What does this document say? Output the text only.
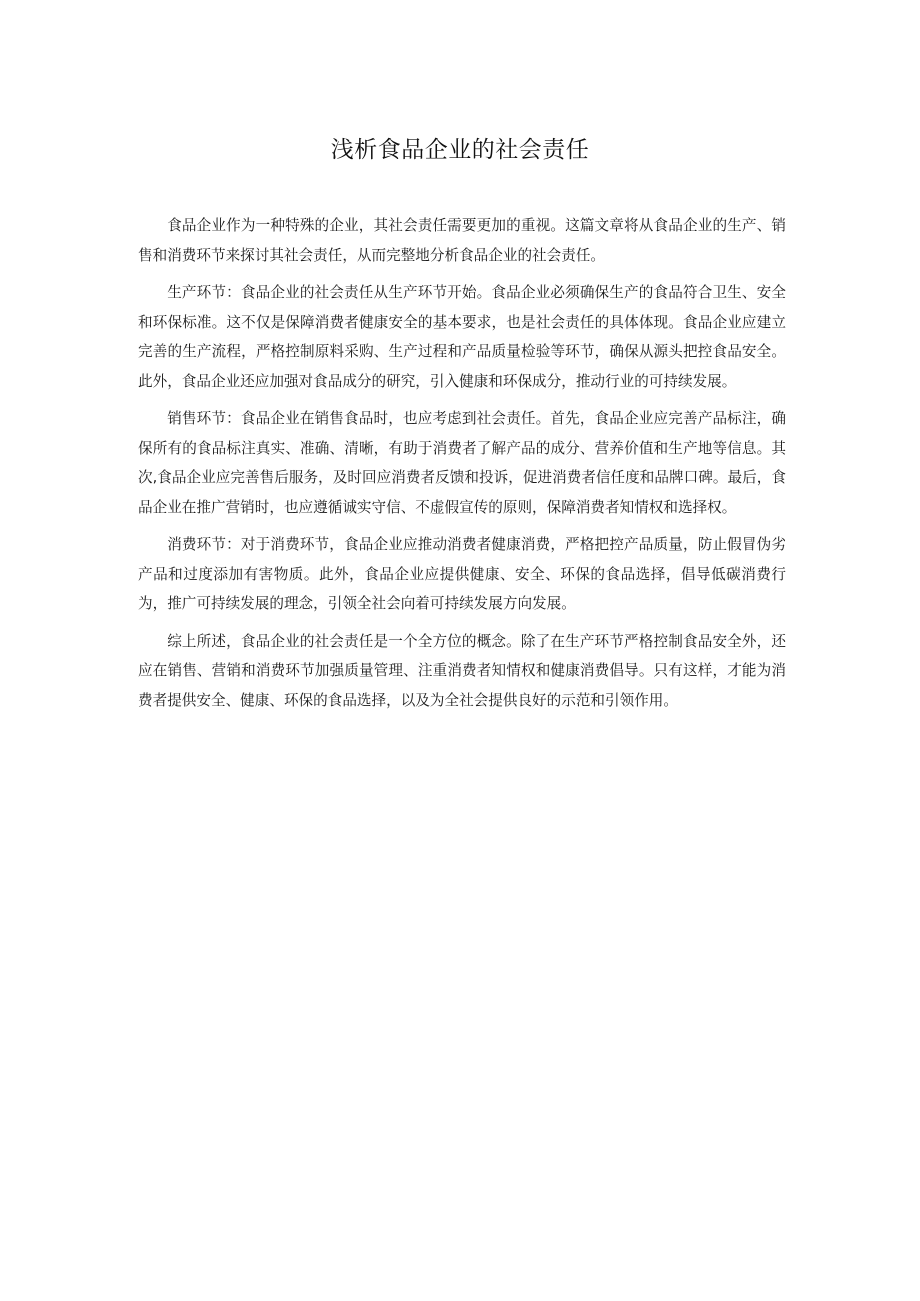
浅析食品企业的社会责任

食品企业作为一种特殊的企业，其社会责任需要更加的重视。这篇文章将从食品企业的生产、销售和消费环节来探讨其社会责任，从而完整地分析食品企业的社会责任。

生产环节：食品企业的社会责任从生产环节开始。食品企业必须确保生产的食品符合卫生、安全和环保标准。这不仅是保障消费者健康安全的基本要求，也是社会责任的具体体现。食品企业应建立完善的生产流程，严格控制原料采购、生产过程和产品质量检验等环节，确保从源头把控食品安全。此外，食品企业还应加强对食品成分的研究，引入健康和环保成分，推动行业的可持续发展。

销售环节：食品企业在销售食品时，也应考虑到社会责任。首先，食品企业应完善产品标注，确保所有的食品标注真实、准确、清晰，有助于消费者了解产品的成分、营养价值和生产地等信息。其次,食品企业应完善售后服务，及时回应消费者反馈和投诉，促进消费者信任度和品牌口碑。最后，食品企业在推广营销时，也应遵循诚实守信、不虚假宣传的原则，保障消费者知情权和选择权。

消费环节：对于消费环节，食品企业应推动消费者健康消费，严格把控产品质量，防止假冒伪劣产品和过度添加有害物质。此外，食品企业应提供健康、安全、环保的食品选择，倡导低碳消费行为，推广可持续发展的理念，引领全社会向着可持续发展方向发展。

综上所述，食品企业的社会责任是一个全方位的概念。除了在生产环节严格控制食品安全外，还应在销售、营销和消费环节加强质量管理、注重消费者知情权和健康消费倡导。只有这样，才能为消费者提供安全、健康、环保的食品选择，以及为全社会提供良好的示范和引领作用。
